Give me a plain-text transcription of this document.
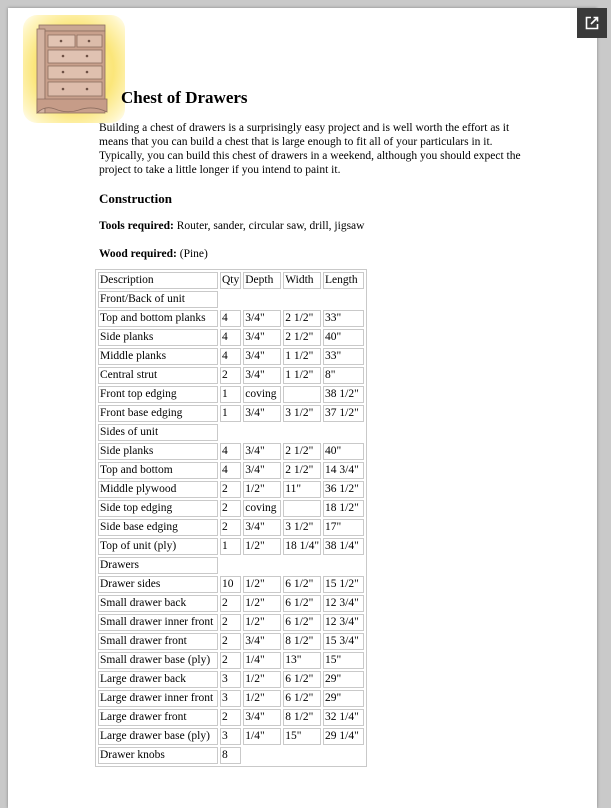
Chest of Drawers

Building a chest of drawers is a surprisingly easy project and is well worth the effort as it means that you can build a chest that is large enough to fit all of your particulars in it. Typically, you can build this chest of drawers in a weekend, although you should expect the project to take a little longer if you intend to paint it.

Construction

Tools required: Router, sander, circular saw, drill, jigsaw

Wood required: (Pine)

Description	Qty	Depth	Width	Length
Front/Back of unit				
Top and bottom planks	4	3/4"	2 1/2"	33"
Side planks	4	3/4"	2 1/2"	40"
Middle planks	4	3/4"	1 1/2"	33"
Central strut	2	3/4"	1 1/2"	8"
Front top edging	1	coving		38 1/2"
Front base edging	1	3/4"	3 1/2"	37 1/2"
Sides of unit				
Side planks	4	3/4"	2 1/2"	40"
Top and bottom	4	3/4"	2 1/2"	14 3/4"
Middle plywood	2	1/2"	11"	36 1/2"
Side top edging	2	coving		18 1/2"
Side base edging	2	3/4"	3 1/2"	17"
Top of unit (ply)	1	1/2"	18 1/4"	38 1/4"
Drawers				
Drawer sides	10	1/2"	6 1/2"	15 1/2"
Small drawer back	2	1/2"	6 1/2"	12 3/4"
Small drawer inner front	2	1/2"	6 1/2"	12 3/4"
Small drawer front	2	3/4"	8 1/2"	15 3/4"
Small drawer base (ply)	2	1/4"	13"	15"
Large drawer back	3	1/2"	6 1/2"	29"
Large drawer inner front	3	1/2"	6 1/2"	29"
Large drawer front	2	3/4"	8 1/2"	32 1/4"
Large drawer base (ply)	3	1/4"	15"	29 1/4"
Drawer knobs	8			
